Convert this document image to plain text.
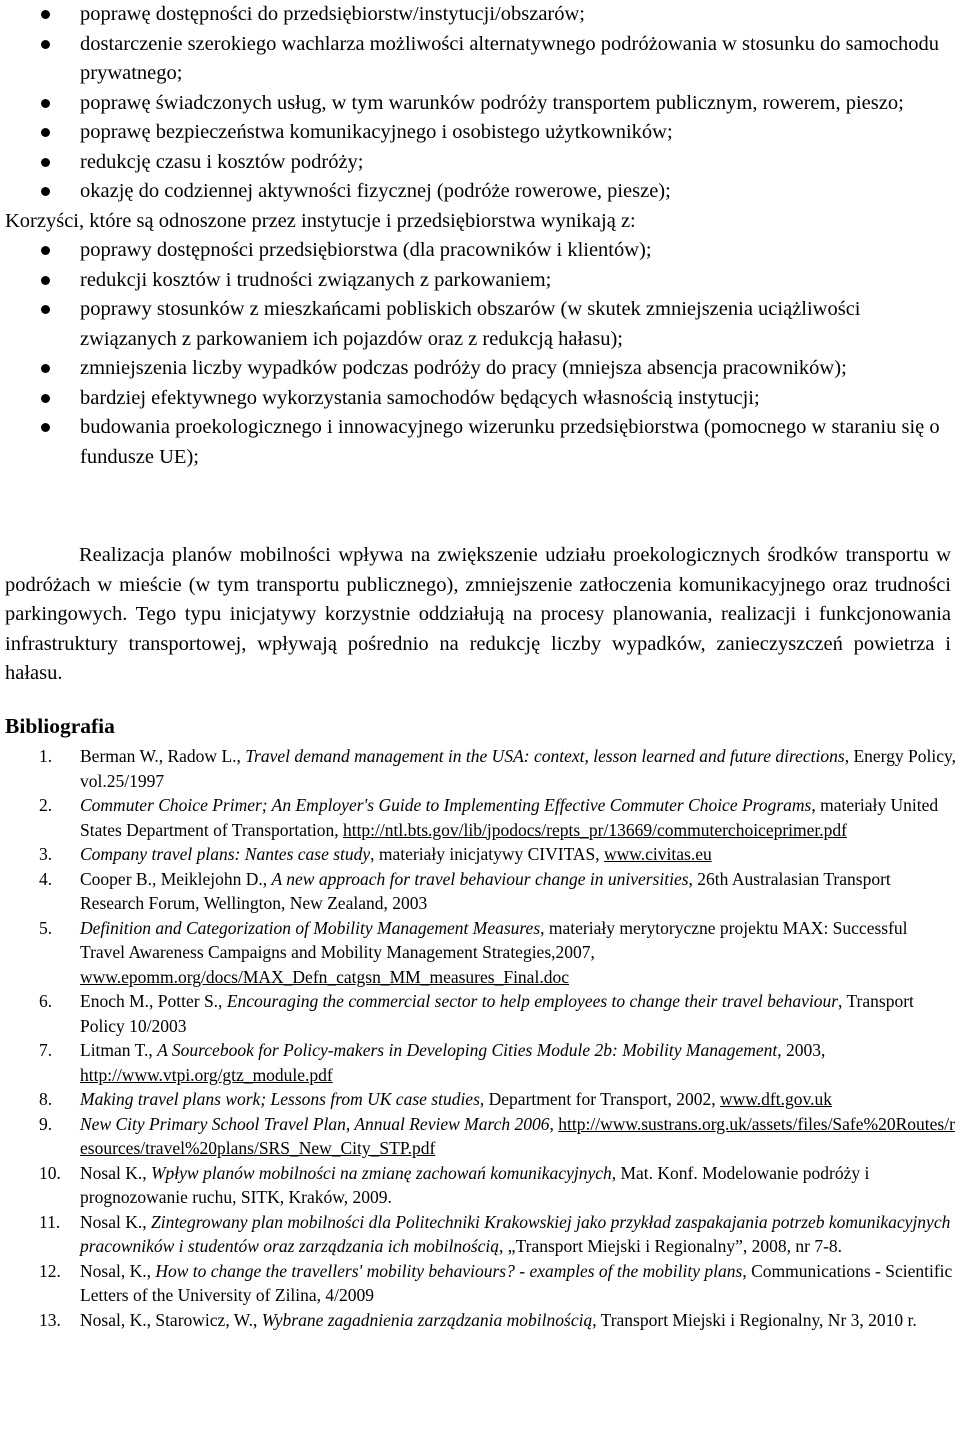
poprawę dostępności do przedsiębiorstw/instytucji/obszarów;
dostarczenie szerokiego wachlarza możliwości alternatywnego podróżowania w stosunku do samochodu prywatnego;
poprawę świadczonych usług, w tym warunków podróży transportem publicznym, rowerem, pieszo;
poprawę bezpieczeństwa komunikacyjnego i osobistego użytkowników;
redukcję czasu i kosztów podróży;
okazję do codziennej aktywności fizycznej (podróże rowerowe, piesze);
Korzyści, które są odnoszone przez instytucje i przedsiębiorstwa wynikają z:
poprawy dostępności przedsiębiorstwa (dla pracowników i klientów);
redukcji kosztów i trudności związanych z parkowaniem;
poprawy stosunków z mieszkańcami pobliskich obszarów (w skutek zmniejszenia uciążliwości związanych z parkowaniem ich pojazdów oraz z redukcją hałasu);
zmniejszenia liczby wypadków podczas podróży do pracy (mniejsza absencja pracowników);
bardziej efektywnego wykorzystania samochodów będących własnością instytucji;
budowania proekologicznego i innowacyjnego wizerunku przedsiębiorstwa (pomocnego w staraniu się o fundusze UE);
Realizacja planów mobilności wpływa na zwiększenie udziału proekologicznych środków transportu w podróżach w mieście (w tym transportu publicznego), zmniejszenie zatłoczenia komunikacyjnego oraz trudności parkingowych. Tego typu inicjatywy korzystnie oddziałują na procesy planowania, realizacji i funkcjonowania infrastruktury transportowej, wpływają pośrednio na redukcję liczby wypadków, zanieczyszczeń powietrza i hałasu.
Bibliografia
1. Berman W., Radow L., Travel demand management in the USA: context, lesson learned and future directions, Energy Policy, vol.25/1997
2. Commuter Choice Primer; An Employer's Guide to Implementing Effective Commuter Choice Programs, materiały United States Department of Transportation, http://ntl.bts.gov/lib/jpodocs/repts_pr/13669/commuterchoiceprimer.pdf
3. Company travel plans: Nantes case study, materiały inicjatywy CIVITAS, www.civitas.eu
4. Cooper B., Meiklejohn D., A new approach for travel behaviour change in universities, 26th Australasian Transport Research Forum, Wellington, New Zealand, 2003
5. Definition and Categorization of Mobility Management Measures, materiały merytoryczne projektu MAX: Successful Travel Awareness Campaigns and Mobility Management Strategies,2007, www.epomm.org/docs/MAX_Defn_catgsn_MM_measures_Final.doc
6. Enoch M., Potter S., Encouraging the commercial sector to help employees to change their travel behaviour, Transport Policy 10/2003
7. Litman T., A Sourcebook for Policy-makers in Developing Cities Module 2b: Mobility Management, 2003, http://www.vtpi.org/gtz_module.pdf
8. Making travel plans work; Lessons from UK case studies, Department for Transport, 2002, www.dft.gov.uk
9. New City Primary School Travel Plan, Annual Review March 2006, http://www.sustrans.org.uk/assets/files/Safe%20Routes/resources/travel%20plans/SRS_New_City_STP.pdf
10. Nosal K., Wpływ planów mobilności na zmianę zachowań komunikacyjnych, Mat. Konf. Modelowanie podróży i prognozowanie ruchu, SITK, Kraków, 2009.
11. Nosal K., Zintegrowany plan mobilności dla Politechniki Krakowskiej jako przykład zaspakajania potrzeb komunikacyjnych pracowników i studentów oraz zarządzania ich mobilnością, „Transport Miejski i Regionalny”, 2008, nr 7-8.
12. Nosal, K., How to change the travellers' mobility behaviours? - examples of the mobility plans, Communications - Scientific Letters of the University of Zilina, 4/2009
13. Nosal, K., Starowicz, W., Wybrane zagadnienia zarządzania mobilnością, Transport Miejski i Regionalny, Nr 3, 2010 r.
